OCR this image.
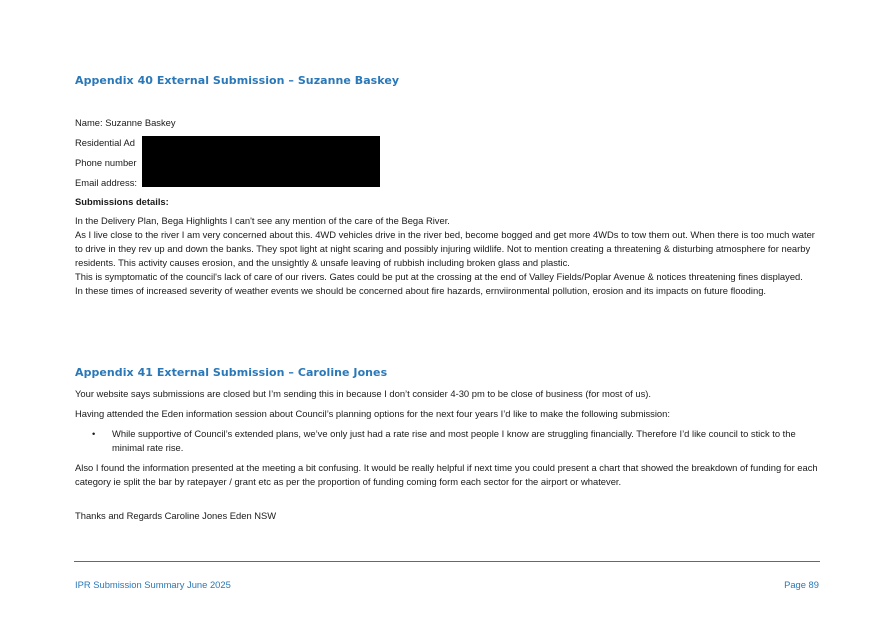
Appendix 40 External Submission – Suzanne Baskey
Name: Suzanne Baskey
Residential Ad
Phone number
Email address:
Submissions details:
In the Delivery Plan, Bega Highlights I can't see any mention of the care of the Bega River.
As I live close to the river I am very concerned about this. 4WD vehicles drive in the river bed, become bogged and get more 4WDs to tow them out. When there is too much water to drive in they rev up and down the banks. They spot light at night scaring and possibly injuring wildlife. Not to mention creating a threatening & disturbing atmosphere for nearby residents. This activity causes erosion, and the unsightly & unsafe leaving of rubbish including broken glass and plastic.
This is symptomatic of the council's lack of care of our rivers. Gates could be put at the crossing at the end of Valley Fields/Poplar Avenue & notices threatening fines displayed.
In these times of increased severity of weather events we should be concerned about fire hazards, ernviironmental pollution, erosion and its impacts on future flooding.
Appendix 41 External Submission – Caroline Jones
Your website says submissions are closed but I’m sending this in because I don’t consider 4-30 pm to be close of business (for most of us).
Having attended the Eden information session about Council’s planning options for the next four years I’d like to make the following submission:
• While supportive of Council’s extended plans, we’ve only just had a rate rise and most people I know are struggling financially. Therefore I’d like council to stick to the minimal rate rise.
Also I found the information presented at the meeting a bit confusing. It would be really helpful if next time you could present a chart that showed the breakdown of funding for each category ie split the bar by ratepayer / grant etc as per the proportion of funding coming form each sector for the airport or whatever.
Thanks and Regards Caroline Jones Eden NSW
IPR Submission Summary June 2025	Page 89
